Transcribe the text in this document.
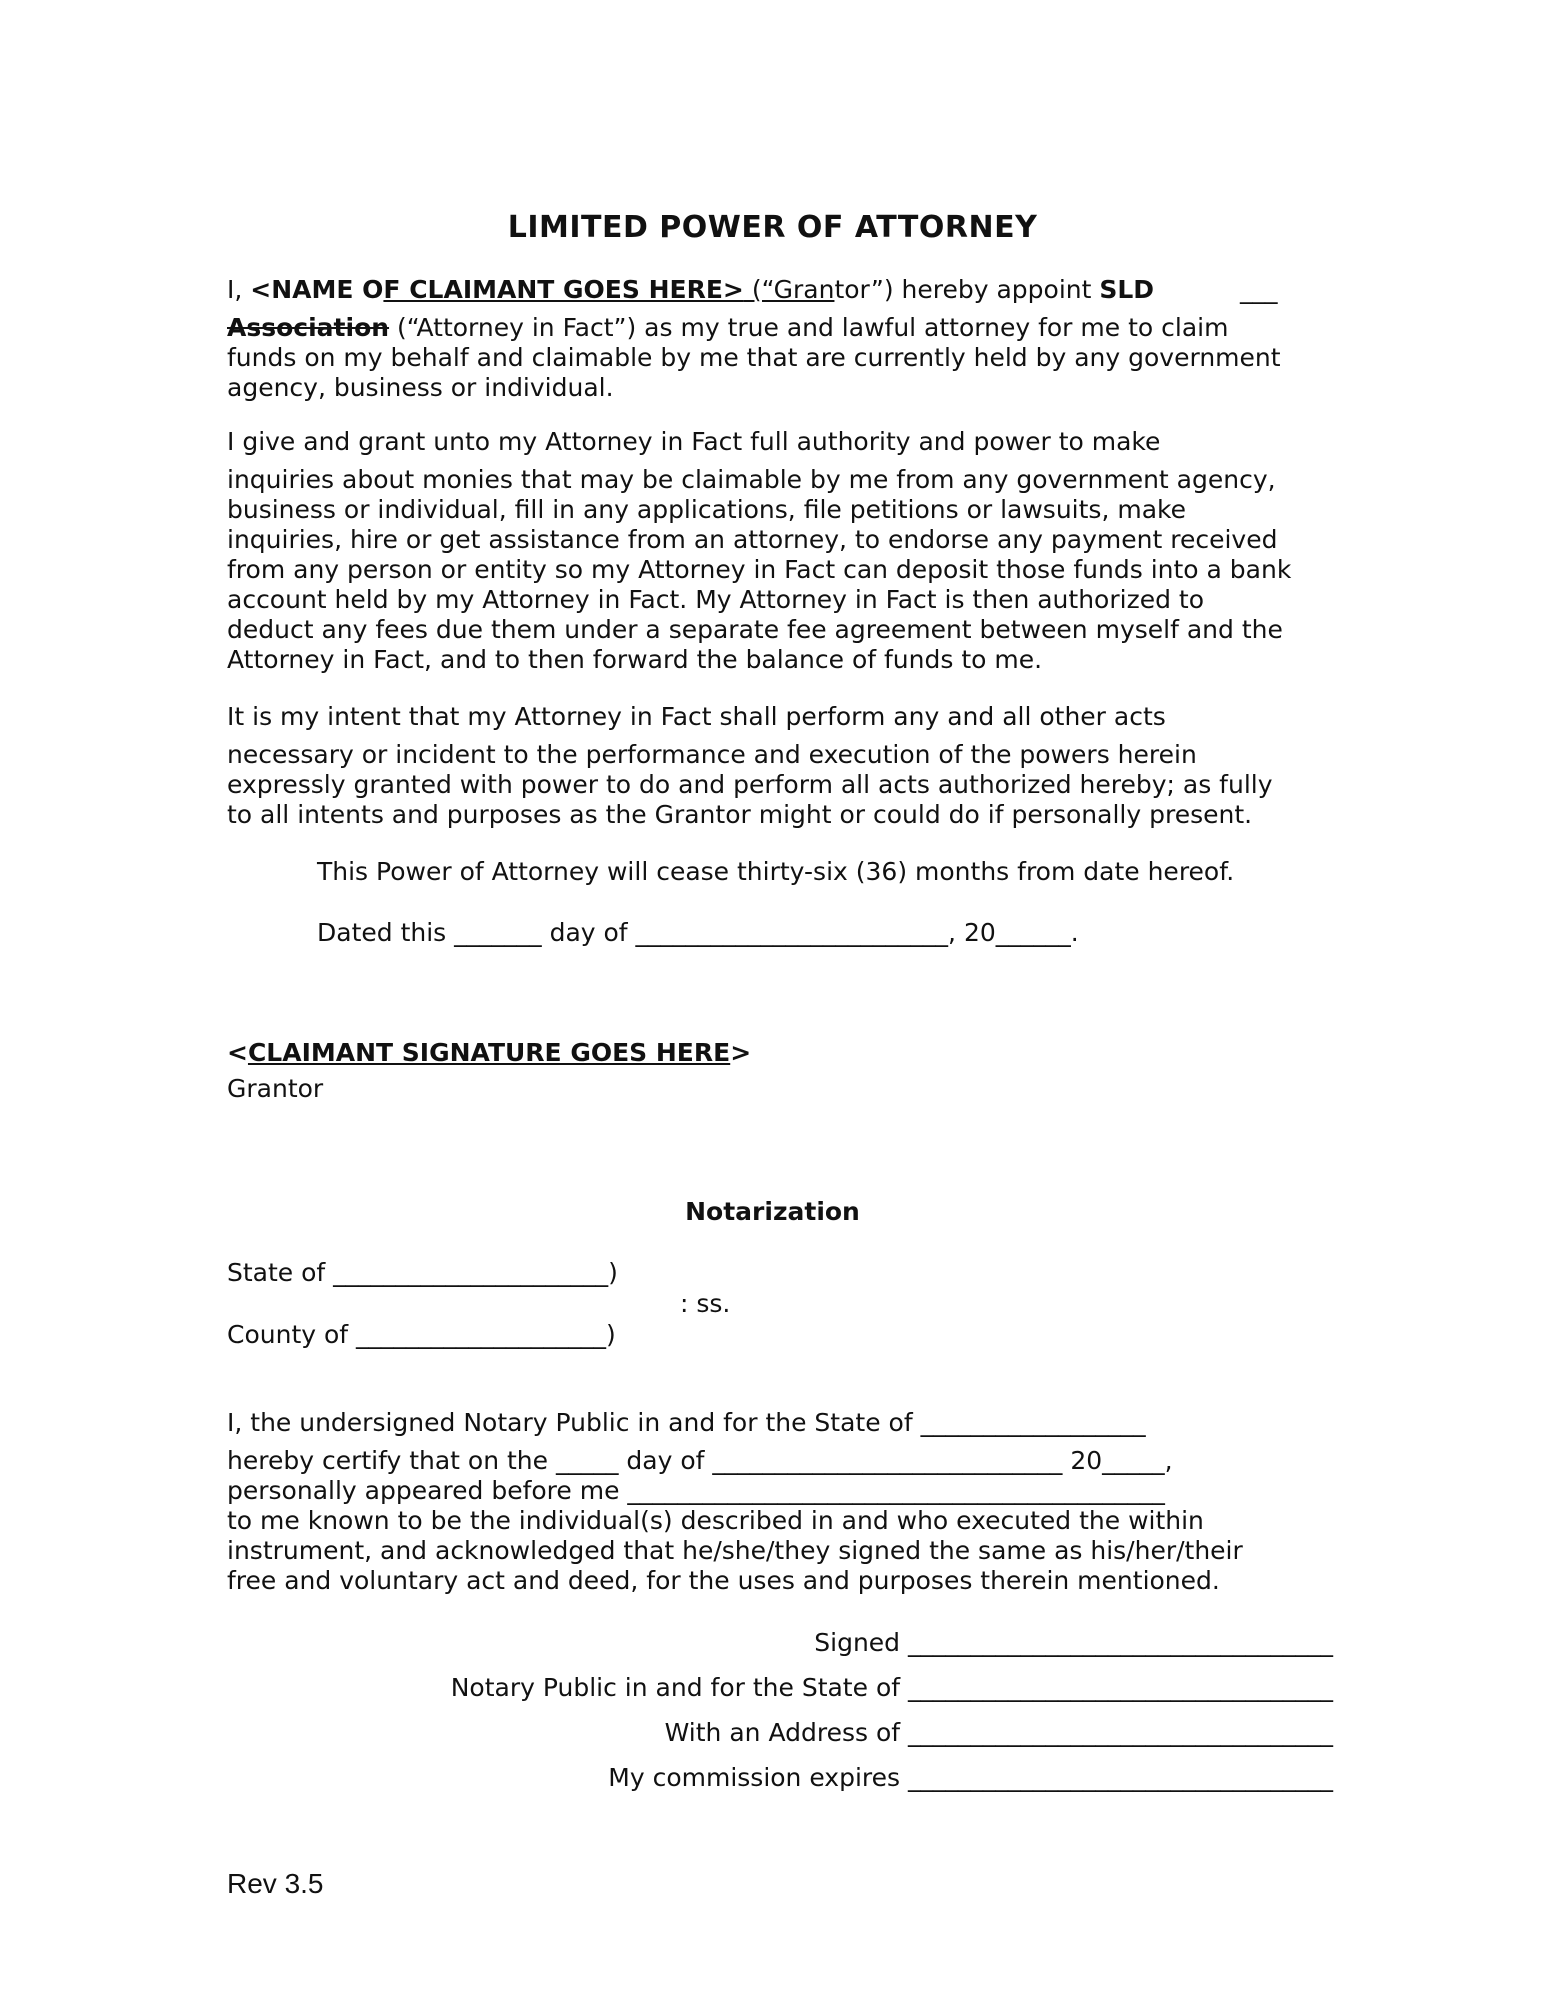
LIMITED POWER OF ATTORNEY
I, <NAME OF CLAIMANT GOES HERE> (“Grantor”) hereby appoint SLD	___
Association (“Attorney in Fact”) as my true and lawful attorney for me to claim
funds on my behalf and claimable by me that are currently held by any government
agency, business or individual.
I give and grant unto my Attorney in Fact full authority and power to make
inquiries about monies that may be claimable by me from any government agency,
business or individual, fill in any applications, file petitions or lawsuits, make
inquiries, hire or get assistance from an attorney, to endorse any payment received
from any person or entity so my Attorney in Fact can deposit those funds into a bank
account held by my Attorney in Fact. My Attorney in Fact is then authorized to
deduct any fees due them under a separate fee agreement between myself and the
Attorney in Fact, and to then forward the balance of funds to me.
It is my intent that my Attorney in Fact shall perform any and all other acts
necessary or incident to the performance and execution of the powers herein
expressly granted with power to do and perform all acts authorized hereby; as fully
to all intents and purposes as the Grantor might or could do if personally present.
This Power of Attorney will cease thirty-six (36) months from date hereof.
Dated this _______ day of _________________________, 20______.
<CLAIMANT SIGNATURE GOES HERE>
Grantor
Notarization
State of ______________________)
: ss.
County of ____________________)
I, the undersigned Notary Public in and for the State of __________________
hereby certify that on the _____ day of ____________________________ 20_____,
personally appeared before me ___________________________________________
to me known to be the individual(s) described in and who executed the within
instrument, and acknowledged that he/she/they signed the same as his/her/their
free and voluntary act and deed, for the uses and purposes therein mentioned.
Signed __________________________________
Notary Public in and for the State of __________________________________
With an Address of __________________________________
My commission expires __________________________________
Rev 3.5
